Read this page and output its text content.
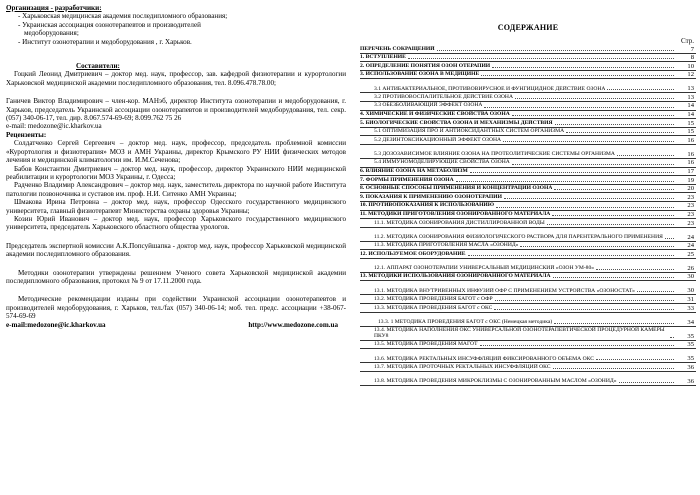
Организация - разработчики:

- Харьковская медицинская академия последипломного образования;

- Украинская ассоциация озонотерапевтов и производителей

медоборудования;

- Институт озонотерапии и медоборудования , г. Харьков.

Составители:

Гоцкий Леонид Дмитриевич – доктор мед. наук, профессор, зав. кафедрой физиотерапии и курортологии Харьковской медицинской академии последипломного образования, тел. 8.096.478.78.00;

Ганичев Виктор Владимирович – член-кор. МАНэб, директор Института озонотерапии и медоборудования, г. Харьков, председатель Украинской ассоциации озонотерапевтов и производителей медоборудования, тел. секр. (057) 340-06-17, тел. дир. 8.067.574-69-69; 8.099.762 75 26

e-mail: medozone@ic.kharkov.ua

Рецензенты:

Солдатченко Сергей Сергеевич – доктор мед. наук, профессор, председатель проблемной комиссии «Курортология и физиотерапия» МОЗ и АМН Украины, директор Крымского РУ НИИ физических методов лечения и медицинской климатологии им. И.М.Сеченова;

Бабов Константин Дмитриевич – доктор мед. наук, профессор, директор Украинского НИИ медицинской реабилитации и курортологии МОЗ Украины, г. Одесса;

Радченко Владимир Александрович – доктор мед. наук, заместитель директора по научной работе Института патологии позвоночника и суставов им. проф. Н.И. Ситенко АМН Украины;

Шмакова Ирина Петровна – доктор мед. наук, профессор Одесского государственного медицинского университета, главный физиотерапевт Министерства охраны здоровья Украины;

Козин Юрий Иванович – доктор мед. наук, профессор Харьковского государственного медицинского университета, председатель Харьковского областного общества урологов.

Председатель экспертной комиссии А.К.Попсуйшапка - доктор мед. наук, профессор Харьковской медицинской академии последипломного образования.

Методики озонотерапии утверждены решением Ученого совета Харьковской медицинской академии последипломного образования, протокол № 9 от 17.11.2000 года.

Методические рекомендации изданы при содействии Украинской ассоциации озонотерапевтов и производителей медоборудования, г. Харьков, тел./fax (057) 340-06-14; моб. тел. предс. ассоциации +38-067-574-69-69

e-mail:medozone@ic.kharkov.ua	http://www.medozone.com.ua
СОДЕРЖАНИЕ
Стр.
ПЕРЕЧЕНЬ СОКРАЩЕНИЙ	7
1. ВСТУПЛЕНИЕ	8
2. ОПРЕДЕЛЕНИЕ ПОНЯТИЯ ОЗОН ОТЕРАПИИ	10
3. ИСПОЛЬЗОВАНИЕ ОЗОНА В МЕДИЦИНЕ	12
3.1 АНТИБАКТЕРИАЛЬНОЕ, ПРОТИВОВИРУСНОЕ И ФУНГИЦИДНОЕ ДЕЙСТВИЕ ОЗОНА	13
3.2 ПРОТИВОВОСПАЛИТЕЛЬНОЕ ДЕЙСТВИЕ ОЗОНА	13
3.3 ОБЕЗБОЛИВАЮЩИЙ ЭФФЕКТ ОЗОНА	14
4. ХИМИЧЕСКИЕ И ФИЗИЧЕСКИЕ СВОЙСТВА ОЗОНА	14
5. БИОЛОГИЧЕСКИЕ СВОЙСТВА ОЗОНА И МЕХАНИЗМЫ ДЕЙСТВИЯ	15
5.1 ОПТИМИЗАЦИЯ ПРО И АНТИОКСИДАНТНЫХ СИСТЕМ ОРГАНИЗМА	15
5.2 ДЕЗИНТОКСИКАЦИОННЫЙ ЭФФЕКТ ОЗОНА	16
5.3 ДОЗОЗАВИСИМОЕ ВЛИЯНИЕ ОЗОНА НА ПРОТЕОЛИТИЧЕСКИЕ СИСТЕМЫ ОРГАНИЗМА	16
5.4 ИММУНОМОДЕЛИРУЮЩИЕ СВОЙСТВА ОЗОНА	16
6. ВЛИЯНИЕ ОЗОНА НА МЕТАБОЛИЗМ	17
7. ФОРМЫ ПРИМЕНЕНИЯ ОЗОНА	19
8. ОСНОВНЫЕ СПОСОБЫ ПРИМЕНЕНИЯ И КОНЦЕНТРАЦИИ ОЗОНА	20
9. ПОКАЗАНИЯ К ПРИМЕНЕНИЮ ОЗОНОТЕРАПИИ	23
10. ПРОТИВОПОКАЗАНИЯ К ИСПОЛЬЗОВАНИЮ	23
11. МЕТОДИКИ ПРИГОТОВЛЕНИЯ ОЗОНИРОВАННОГО МАТЕРИАЛА	23
11.1. МЕТОДИКА ОЗОНИРОВАНИЯ ДИСТИЛЛИРОВАННОЙ ВОДЫ	23
11.2. МЕТОДИКА ОЗОНИРОВАНИЯ ФИЗИОЛОГИЧЕСКОГО РАСТВОРА ДЛЯ ПАРЕНТЕРАЛЬНОГО ПРИМЕНЕНИЯ	24
11.3. МЕТОДИКА ПРИГОТОВЛЕНИЯ МАСЛА «ОЗОНИД»	24
12. ИСПОЛЬЗУЕМОЕ ОБОРУДОВАНИЕ	25
12.1. АППАРАТ ОЗОНОТЕРАПИИ УНИВЕРСАЛЬНЫЙ МЕДИЦИНСКИЙ «ОЗОН УМ-80»	26
13. МЕТОДИКИ ИСПОЛЬЗОВАНИЯ ОЗОНИРОВАННОГО МАТЕРИАЛА	30
13.1. МЕТОДИКА ВНУТРИВЕННЫХ ИНФУЗИЙ ОФР С ПРИМЕНЕНИЕМ УСТРОЙСТВА «ОЗОНОСТАТ»	30
13.2. МЕТОДИКА ПРОВЕДЕНИЯ БАГОТ с ОФР	31
13.3. МЕТОДИКА ПРОВЕДЕНИЯ БАГОТ с ОКС	33
13.3. 1 МЕТОДИКА ПРОВЕДЕНИЯ БАГОТ с ОКС (Немецкая методика)	34
13.4. МЕТОДИКА НАПОЛНЕНИЯ ОКС УНИВЕРСАЛЬНОЙ ОЗОНОТЕРАПЕВТИЧЕСКОЙ ПРОЦЕДУРНОЙ КАМЕРЫ ПКУ8	35
13.5. МЕТОДИКА ПРОВЕДЕНИЯ МАГОТ	35
13.6. МЕТОДИКА РЕКТАЛЬНЫХ ИНСУФФЛЯЦИЙ ФИКСИРОВАННОГО ОБЪЕМА ОКС	35
13.7. МЕТОДИКА ПРОТОЧНЫХ РЕКТАЛЬНЫХ ИНСУФФЛЯЦИЙ ОКС	36
13.8. МЕТОДИКА ПРОВЕДЕНИЯ МИКРОКЛИЗМЫ С ОЗОНИРОВАННЫМ МАСЛОМ «ОЗОНИД»	36
